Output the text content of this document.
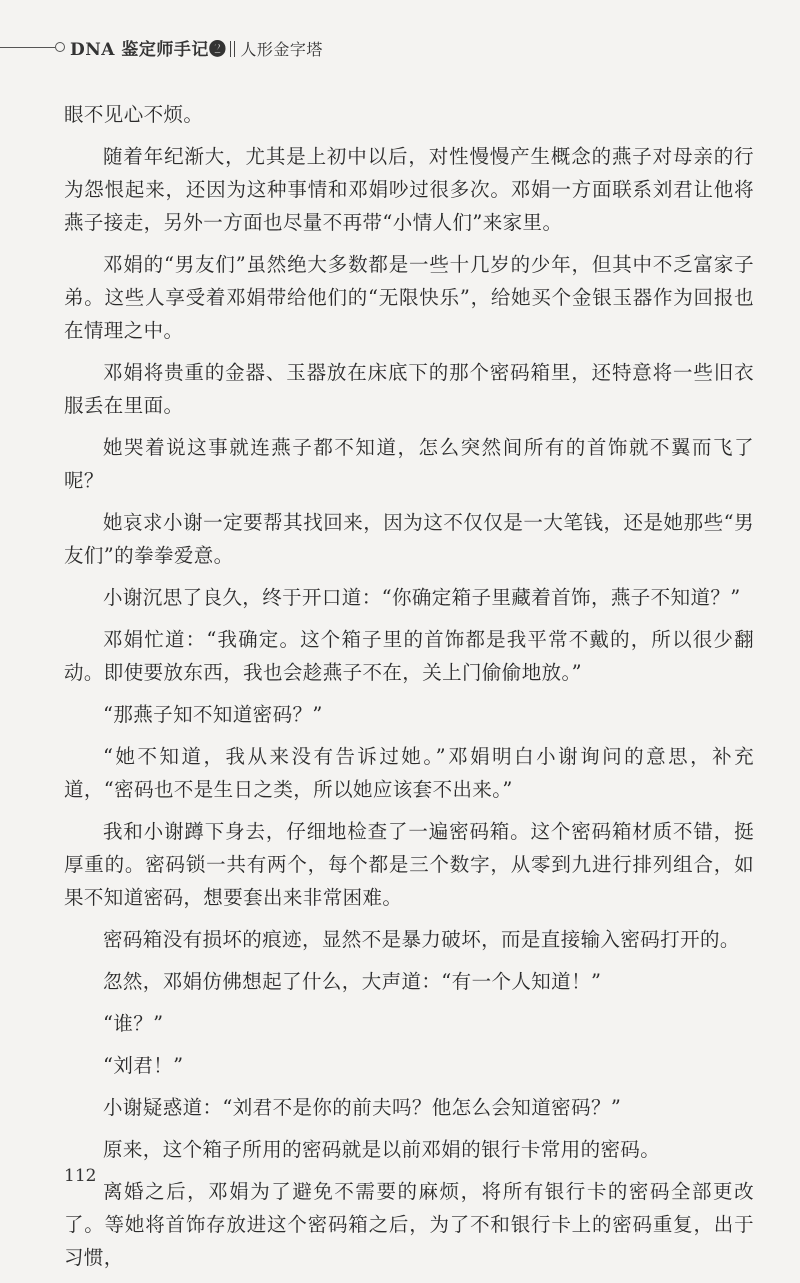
DNA 鉴定师手记❷ 人形金字塔

眼不见心不烦。

随着年纪渐大，尤其是上初中以后，对性慢慢产生概念的燕子对母亲的行为怨恨起来，还因为这种事情和邓娟吵过很多次。邓娟一方面联系刘君让他将燕子接走，另外一方面也尽量不再带“小情人们”来家里。

邓娟的“男友们”虽然绝大多数都是一些十几岁的少年，但其中不乏富家子弟。这些人享受着邓娟带给他们的“无限快乐”，给她买个金银玉器作为回报也在情理之中。

邓娟将贵重的金器、玉器放在床底下的那个密码箱里，还特意将一些旧衣服丢在里面。

她哭着说这事就连燕子都不知道，怎么突然间所有的首饰就不翼而飞了呢？

她哀求小谢一定要帮其找回来，因为这不仅仅是一大笔钱，还是她那些“男友们”的拳拳爱意。

小谢沉思了良久，终于开口道：“你确定箱子里藏着首饰，燕子不知道？”

邓娟忙道：“我确定。这个箱子里的首饰都是我平常不戴的，所以很少翻动。即使要放东西，我也会趁燕子不在，关上门偷偷地放。”

“那燕子知不知道密码？”

“她不知道，我从来没有告诉过她。”邓娟明白小谢询问的意思，补充道，“密码也不是生日之类，所以她应该套不出来。”

我和小谢蹲下身去，仔细地检查了一遍密码箱。这个密码箱材质不错，挺厚重的。密码锁一共有两个，每个都是三个数字，从零到九进行排列组合，如果不知道密码，想要套出来非常困难。

密码箱没有损坏的痕迹，显然不是暴力破坏，而是直接输入密码打开的。

忽然，邓娟仿佛想起了什么，大声道：“有一个人知道！”

“谁？”

“刘君！”

小谢疑惑道：“刘君不是你的前夫吗？他怎么会知道密码？”

原来，这个箱子所用的密码就是以前邓娟的银行卡常用的密码。

离婚之后，邓娟为了避免不需要的麻烦，将所有银行卡的密码全部更改了。等她将首饰存放进这个密码箱之后，为了不和银行卡上的密码重复，出于习惯，

112
